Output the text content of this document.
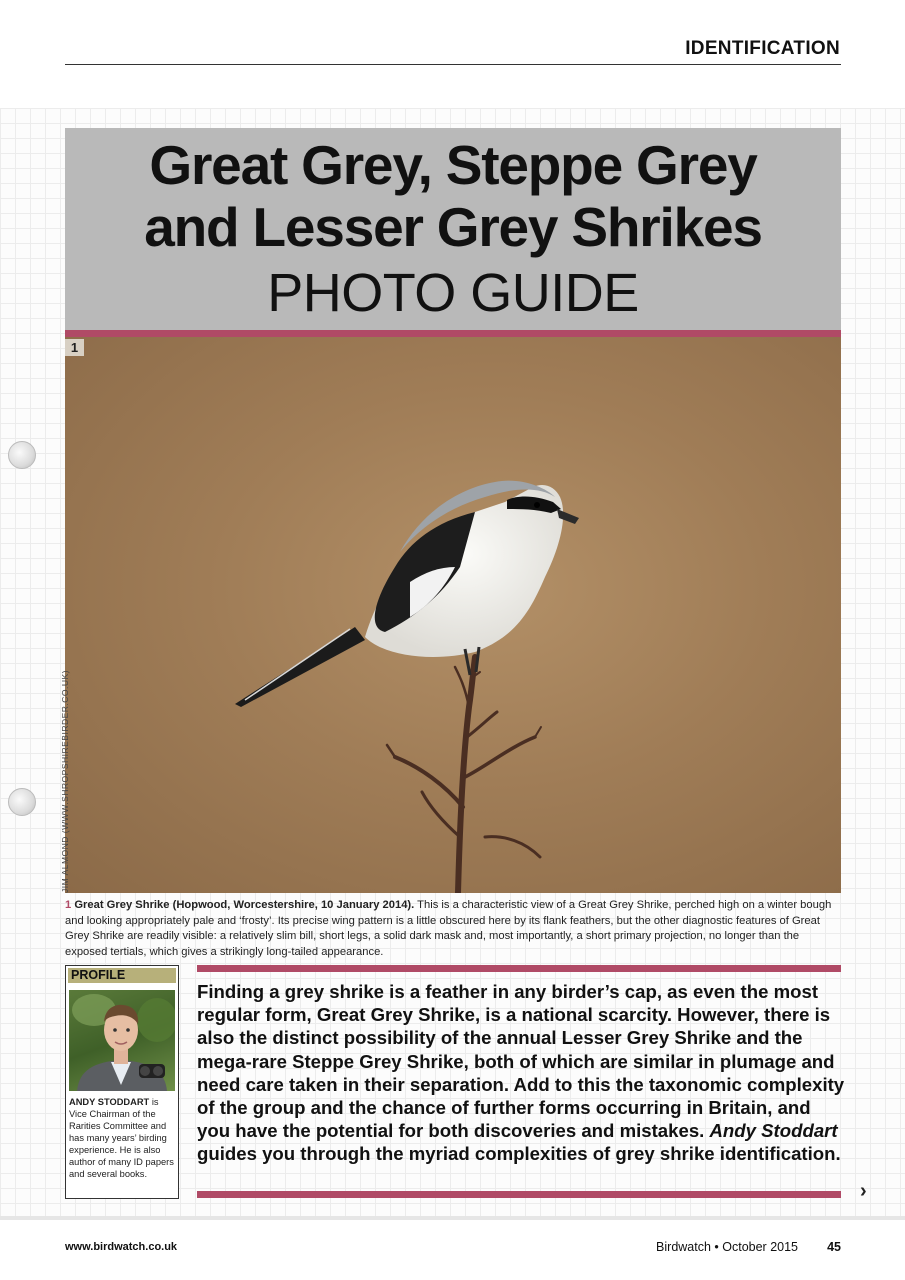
IDENTIFICATION
Great Grey, Steppe Grey
and Lesser Grey Shrikes
PHOTO GUIDE
1
JIM ALMOND (WWW.SHROPSHIREBIRDER.CO.UK)
1 Great Grey Shrike (Hopwood, Worcestershire, 10 January 2014). This is a characteristic view of a Great Grey Shrike, perched high on a winter bough and looking appropriately pale and ‘frosty’. Its precise wing pattern is a little obscured here by its flank feathers, but the other diagnostic features of Great Grey Shrike are readily visible: a relatively slim bill, short legs, a solid dark mask and, most importantly, a short primary projection, no longer than the exposed tertials, which gives a strikingly long-tailed appearance.
PROFILE
ANDY STODDART is Vice Chairman of the Rarities Committee and has many years’ birding experience. He is also author of many ID papers and several books.
Finding a grey shrike is a feather in any birder’s cap, as even the most regular form, Great Grey Shrike, is a national scarcity. However, there is also the distinct possibility of the annual Lesser Grey Shrike and the mega-rare Steppe Grey Shrike, both of which are similar in plumage and need care taken in their separation. Add to this the taxonomic complexity of the group and the chance of further forms occurring in Britain, and you have the potential for both discoveries and mistakes. Andy Stoddart guides you through the myriad complexities of grey shrike identification.
›
www.birdwatch.co.uk	Birdwatch • October 2015 45
